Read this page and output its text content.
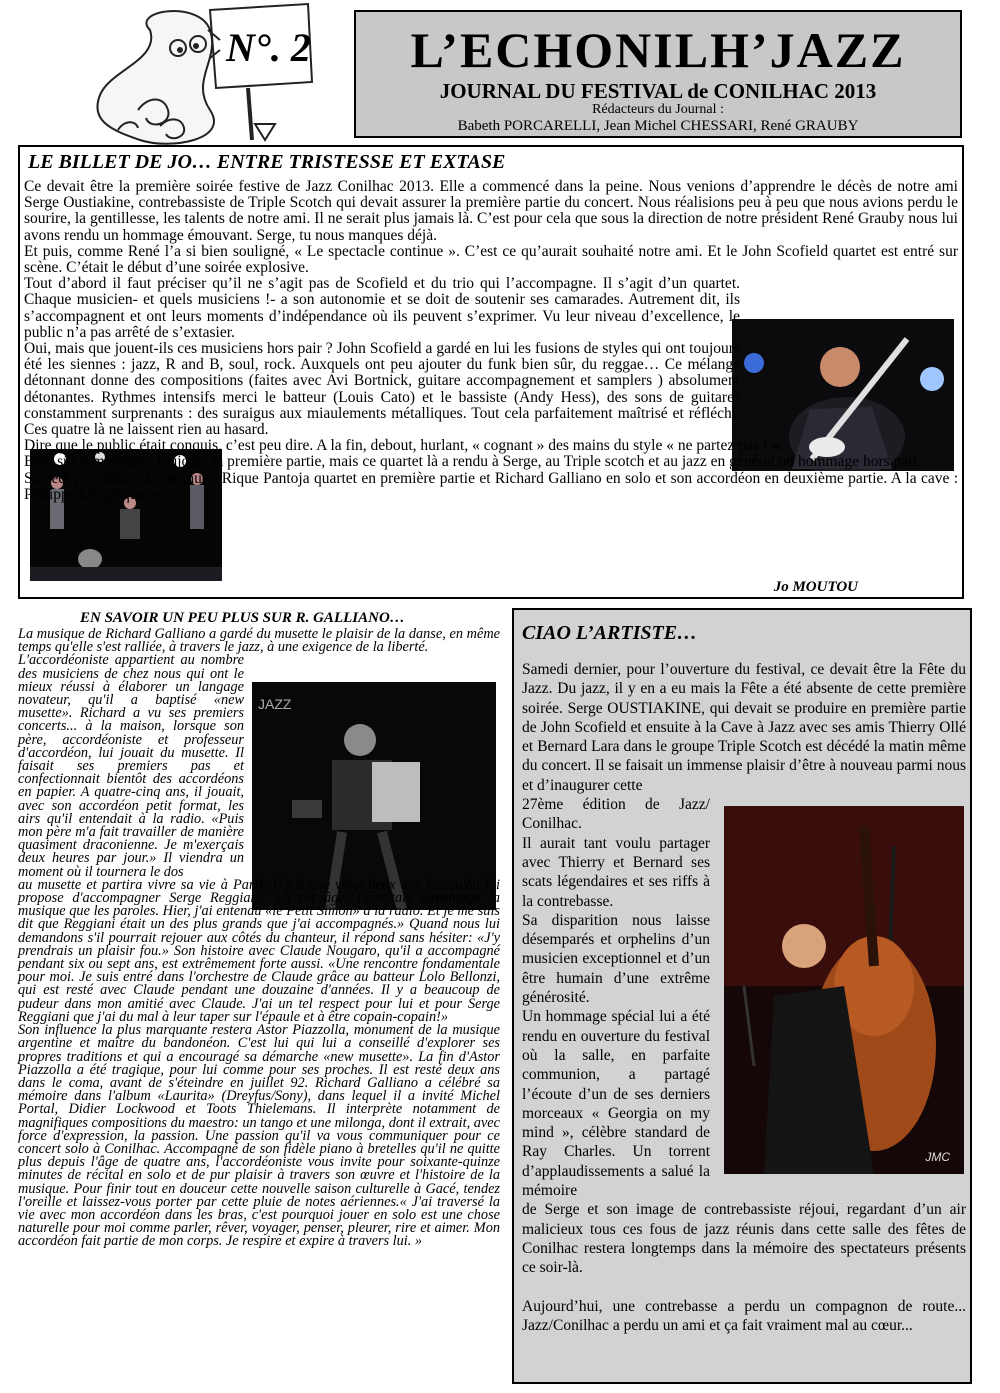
N°. 2	L’ECHONILH’JAZZ
JOURNAL DU FESTIVAL de CONILHAC 2013
Rédacteurs du Journal :
Babeth PORCARELLI, Jean Michel CHESSARI, René GRAUBY
LE BILLET DE JO… ENTRE TRISTESSE ET EXTASE

Ce devait être la première soirée festive de Jazz Conilhac 2013. Elle a commencé dans la peine. Nous venions d’apprendre le décès de notre ami Serge Oustiakine, contrebassiste de Triple Scotch qui devait assurer la première partie du concert. Nous réalisions peu à peu que nous avions perdu le sourire, la gentillesse, les talents de notre ami. Il ne serait plus jamais là. C’est pour cela que sous la direction de notre président René Grauby nous lui avons rendu un hommage émouvant. Serge, tu nous manques déjà.

Et puis, comme René l’a si bien souligné, « Le spectacle continue ». C’est ce qu’aurait souhaité notre ami. Et le John Scofield quartet est entré sur scène. C’était le début d’une soirée explosive.

Tout d’abord il faut préciser qu’il ne s’agit pas de Scofield et du trio qui l’accompagne. Il s’agit d’un quartet. Chaque musicien- et quels musiciens !- a son autonomie et se doit de soutenir ses camarades. Autrement dit, ils s’accompagnent et ont leurs moments d’indépendance où ils peuvent s’exprimer. Vu leur niveau d’excellence, le public n’a pas arrêté de s’extasier.

Oui, mais que jouent-ils ces musiciens hors pair ? John Scofield a gardé en lui les fusions de styles qui ont toujours été les siennes : jazz, R and B, soul, rock. Auxquels ont peu ajouter du funk bien sûr, du reggae… Ce mélange détonnant donne des compositions (faites avec Avi Bortnick, guitare accompagnement et samplers ) absolument détonantes. Rythmes intensifs merci le batteur (Louis Cato) et le bassiste (Andy Hess), des sons de guitares constamment surprenants : des suraigus aux miaulements métalliques. Tout cela parfaitement maîtrisé et réfléchi. Ces quatre là ne laissent rien au hasard.

Dire que le public était conquis, c’est peu dire. A la fin, debout, hurlant, « cognant » des mains du style « ne partez pas ! ».

Bien sûr il manquera toujours la première partie, mais ce quartet là a rendu à Serge, au Triple scotch et au jazz en général un hommage hors pair.

Samedi prochain, çà continue : Rique Pantoja quartet en première partie et Richard Galliano en solo et son accordéon en deuxième partie. A la cave : Philippe Léogé quartet.

Jo MOUTOU
EN SAVOIR UN PEU PLUS SUR R. GALLIANO…
JAZZ

La musique de Richard Galliano a gardé du musette le plaisir de la danse, en même temps qu'elle s'est ralliée, à travers le jazz, à une exigence de la liberté.

L'accordéoniste appartient au nombre des musiciens de chez nous qui ont le mieux réussi à élaborer un langage novateur, qu'il a baptisé «new musette». Richard a vu ses premiers concerts... à la maison, lorsque son père, accordéoniste et professeur d'accordéon, lui jouait du musette. Il faisait ses premiers pas et confectionnait bientôt des accordéons en papier. A quatre-cinq ans, il jouait, avec son accordéon petit format, les airs qu'il entendait à la radio. «Puis mon père m'a fait travailler de manière quasiment draconienne. Je m'exerçais deux heures par jour.» Il viendra un moment où il tournera le dos

au musette et partira vivre sa vie à Paris. Il n'a que vingt-deux ans lorsqu'on lui propose d'accompagner Serge Reggiani. «A cet âge, j'écoutais davantage la musique que les paroles. Hier, j'ai entendu «le Petit Simon» à la radio. Et je me suis dit que Reggiani était un des plus grands que j'ai accompagnés.» Quand nous lui demandons s'il pourrait rejouer aux côtés du chanteur, il répond sans hésiter: «J'y prendrais un plaisir fou.» Son histoire avec Claude Nougaro, qu'il a accompagné pendant six ou sept ans, est extrêmement forte aussi. «Une rencontre fondamentale pour moi. Je suis entré dans l'orchestre de Claude grâce au batteur Lolo Bellonzi, qui est resté avec Claude pendant une douzaine d'années. Il y a beaucoup de pudeur dans mon amitié avec Claude. J'ai un tel respect pour lui et pour Serge Reggiani que j'ai du mal à leur taper sur l'épaule et à être copain-copain!»

Son influence la plus marquante restera Astor Piazzolla, monument de la musique argentine et maître du bandonéon. C'est lui qui lui a conseillé d'explorer ses propres traditions et qui a encouragé sa démarche «new musette». La fin d'Astor Piazzolla a été tragique, pour lui comme pour ses proches. Il est resté deux ans dans le coma, avant de s'éteindre en juillet 92. Richard Galliano a célébré sa mémoire dans l'album «Laurita» (Dreyfus/Sony), dans lequel il a invité Michel Portal, Didier Lockwood et Toots Thielemans. Il interprète notamment de magnifiques compositions du maestro: un tango et une milonga, dont il extrait, avec force d'expression, la passion. Une passion qu'il va vous communiquer pour ce concert solo à Conilhac. Accompagné de son fidèle piano à bretelles qu'il ne quitte plus depuis l'âge de quatre ans, l'accordéoniste vous invite pour soixante-quinze minutes de récital en solo et de pur plaisir à travers son œuvre et l'histoire de la musique. Pour finir tout en douceur cette nouvelle saison culturelle à Gacé, tendez l'oreille et laissez-vous porter par cette pluie de notes aériennes.« J'ai traversé la vie avec mon accordéon dans les bras, c'est pourquoi jouer en solo est une chose naturelle pour moi comme parler, rêver, voyager, penser, pleurer, rire et aimer. Mon accordéon fait partie de mon corps. Je respire et expire à travers lui. »

CIAO L’ARTISTE…
JMC

Samedi dernier, pour l’ouverture du festival, ce devait être la Fête du Jazz. Du jazz, il y en a eu mais la Fête a été absente de cette première soirée. Serge OUSTIAKINE, qui devait se produire en première partie de John Scofield et ensuite à la Cave à Jazz avec ses amis Thierry Ollé et Bernard Lara dans le groupe Triple Scotch est décédé la matin même du concert. Il se faisait un immense plaisir d’être à nouveau parmi nous et d’inaugurer cette

27ème édition de Jazz/ Conilhac.

Il aurait tant voulu partager avec Thierry et Bernard ses scats légendaires et ses riffs à la contrebasse.

Sa disparition nous laisse désemparés et orphelins d’un musicien exceptionnel et d’un être humain d’une extrême générosité.

Un hommage spécial lui a été rendu en ouverture du festival où la salle, en parfaite communion, a partagé l’écoute d’un de ses derniers morceaux « Georgia on my mind », célèbre standard de Ray Charles. Un torrent d’applaudissements a salué la mémoire

de Serge et son image de contrebassiste réjoui, regardant d’un air malicieux tous ces fous de jazz réunis dans cette salle des fêtes de Conilhac restera longtemps dans la mémoire des spectateurs présents ce soir-là.

Aujourd’hui, une contrebasse a perdu un compagnon de route... Jazz/Conilhac a perdu un ami et ça fait vraiment mal au cœur...
